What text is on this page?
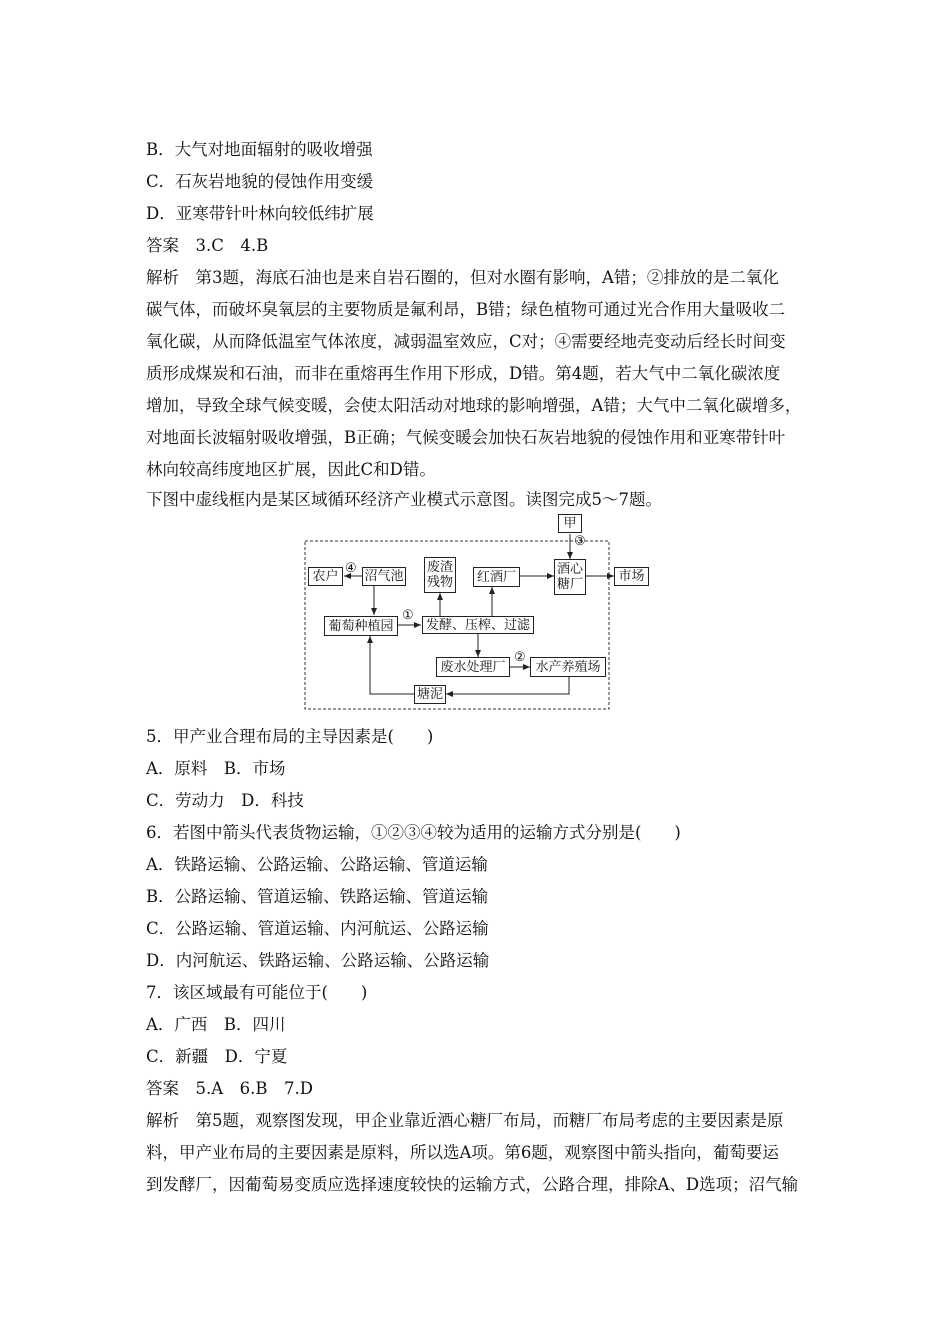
B．大气对地面辐射的吸收增强
C．石灰岩地貌的侵蚀作用变缓
D．亚寒带针叶林向较低纬扩展
答案　3.C　4.B
解析　第3题，海底石油也是来自岩石圈的，但对水圈有影响，A错；②排放的是二氧化
碳气体，而破坏臭氧层的主要物质是氟利昂，B错；绿色植物可通过光合作用大量吸收二
氧化碳，从而降低温室气体浓度，减弱温室效应，C对；④需要经地壳变动后经长时间变
质形成煤炭和石油，而非在重熔再生作用下形成，D错。第4题，若大气中二氧化碳浓度
增加，导致全球气候变暖，会使太阳活动对地球的影响增强，A错；大气中二氧化碳增多，
对地面长波辐射吸收增强，B正确；气候变暖会加快石灰岩地貌的侵蚀作用和亚寒带针叶
林向较高纬度地区扩展，因此C和D错。
下图中虚线框内是某区域循环经济产业模式示意图。读图完成5～7题。
甲
③
农户
④
沼气池
废渣残物	红酒厂	酒心糖厂
市场
葡萄种植园
①
发酵、压榨、过滤
废水处理厂
②
水产养殖场
塘泥
5．甲产业合理布局的主导因素是(　　)
A．原料　B．市场
C．劳动力　D．科技
6．若图中箭头代表货物运输，①②③④较为适用的运输方式分别是(　　)
A．铁路运输、公路运输、公路运输、管道运输
B．公路运输、管道运输、铁路运输、管道运输
C．公路运输、管道运输、内河航运、公路运输
D．内河航运、铁路运输、公路运输、公路运输
7．该区域最有可能位于(　　)
A．广西　B．四川
C．新疆　D．宁夏
答案　5.A　6.B　7.D
解析　第5题，观察图发现，甲企业靠近酒心糖厂布局，而糖厂布局考虑的主要因素是原
料，甲产业布局的主要因素是原料，所以选A项。第6题，观察图中箭头指向，葡萄要运
到发酵厂，因葡萄易变质应选择速度较快的运输方式，公路合理，排除A、D选项；沼气输
